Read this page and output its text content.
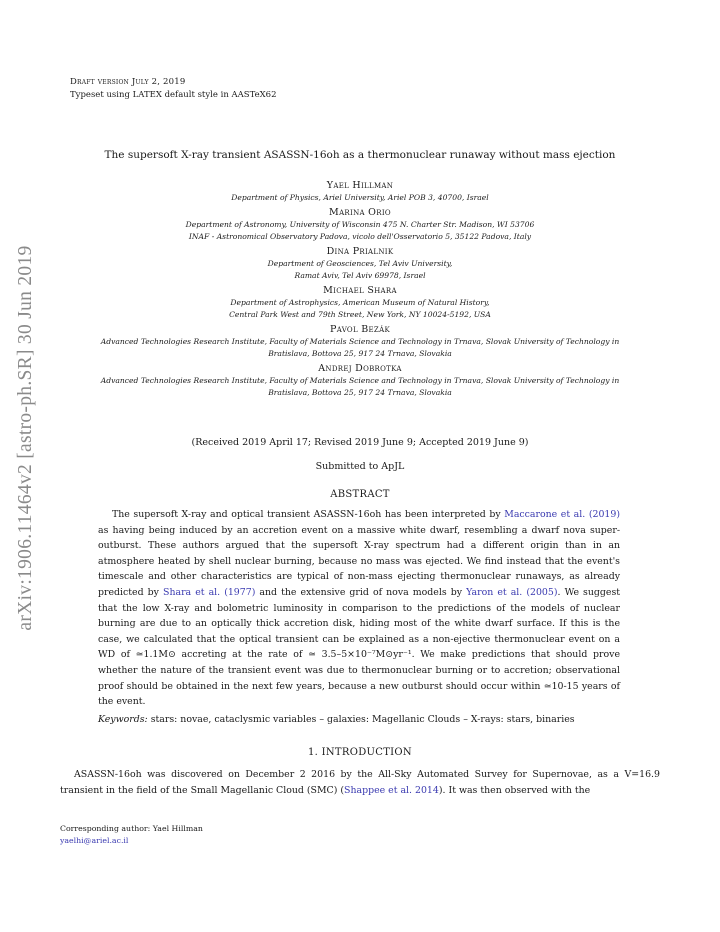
Draft version July 2, 2019
Typeset using LATEX default style in AASTeX62
arXiv:1906.11464v2 [astro-ph.SR] 30 Jun 2019
The supersoft X-ray transient ASASSN-16oh as a thermonuclear runaway without mass ejection
Yael Hillman
Department of Physics, Ariel University, Ariel POB 3, 40700, Israel
Marina Orio
Department of Astronomy, University of Wisconsin 475 N. Charter Str. Madison, WI 53706
INAF - Astronomical Observatory Padova, vicolo dell'Osservatorio 5, 35122 Padova, Italy
Dina Prialnik
Department of Geosciences, Tel Aviv University,
Ramat Aviv, Tel Aviv 69978, Israel
Michael Shara
Department of Astrophysics, American Museum of Natural History,
Central Park West and 79th Street, New York, NY 10024-5192, USA
Pavol Bezák
Advanced Technologies Research Institute, Faculty of Materials Science and Technology in Trnava, Slovak University of Technology in
Bratislava, Bottova 25, 917 24 Trnava, Slovakia
Andrej Dobrotka
Advanced Technologies Research Institute, Faculty of Materials Science and Technology in Trnava, Slovak University of Technology in
Bratislava, Bottova 25, 917 24 Trnava, Slovakia
(Received 2019 April 17; Revised 2019 June 9; Accepted 2019 June 9)
Submitted to ApJL
ABSTRACT
The supersoft X-ray and optical transient ASASSN-16oh has been interpreted by Maccarone et al. (2019) as having being induced by an accretion event on a massive white dwarf, resembling a dwarf nova super-outburst. These authors argued that the supersoft X-ray spectrum had a different origin than in an atmosphere heated by shell nuclear burning, because no mass was ejected. We find instead that the event's timescale and other characteristics are typical of non-mass ejecting thermonuclear runaways, as already predicted by Shara et al. (1977) and the extensive grid of nova models by Yaron et al. (2005). We suggest that the low X-ray and bolometric luminosity in comparison to the predictions of the models of nuclear burning are due to an optically thick accretion disk, hiding most of the white dwarf surface. If this is the case, we calculated that the optical transient can be explained as a non-ejective thermonuclear event on a WD of ≃1.1M⊙ accreting at the rate of ≃ 3.5–5×10⁻⁷M⊙yr⁻¹. We make predictions that should prove whether the nature of the transient event was due to thermonuclear burning or to accretion; observational proof should be obtained in the next few years, because a new outburst should occur within ≃10-15 years of the event.
Keywords: stars: novae, cataclysmic variables – galaxies: Magellanic Clouds – X-rays: stars, binaries
1. INTRODUCTION
ASASSN-16oh was discovered on December 2 2016 by the All-Sky Automated Survey for Supernovae, as a V=16.9 transient in the field of the Small Magellanic Cloud (SMC) (Shappee et al. 2014). It was then observed with the
Corresponding author: Yael Hillman
yaelhi@ariel.ac.il
